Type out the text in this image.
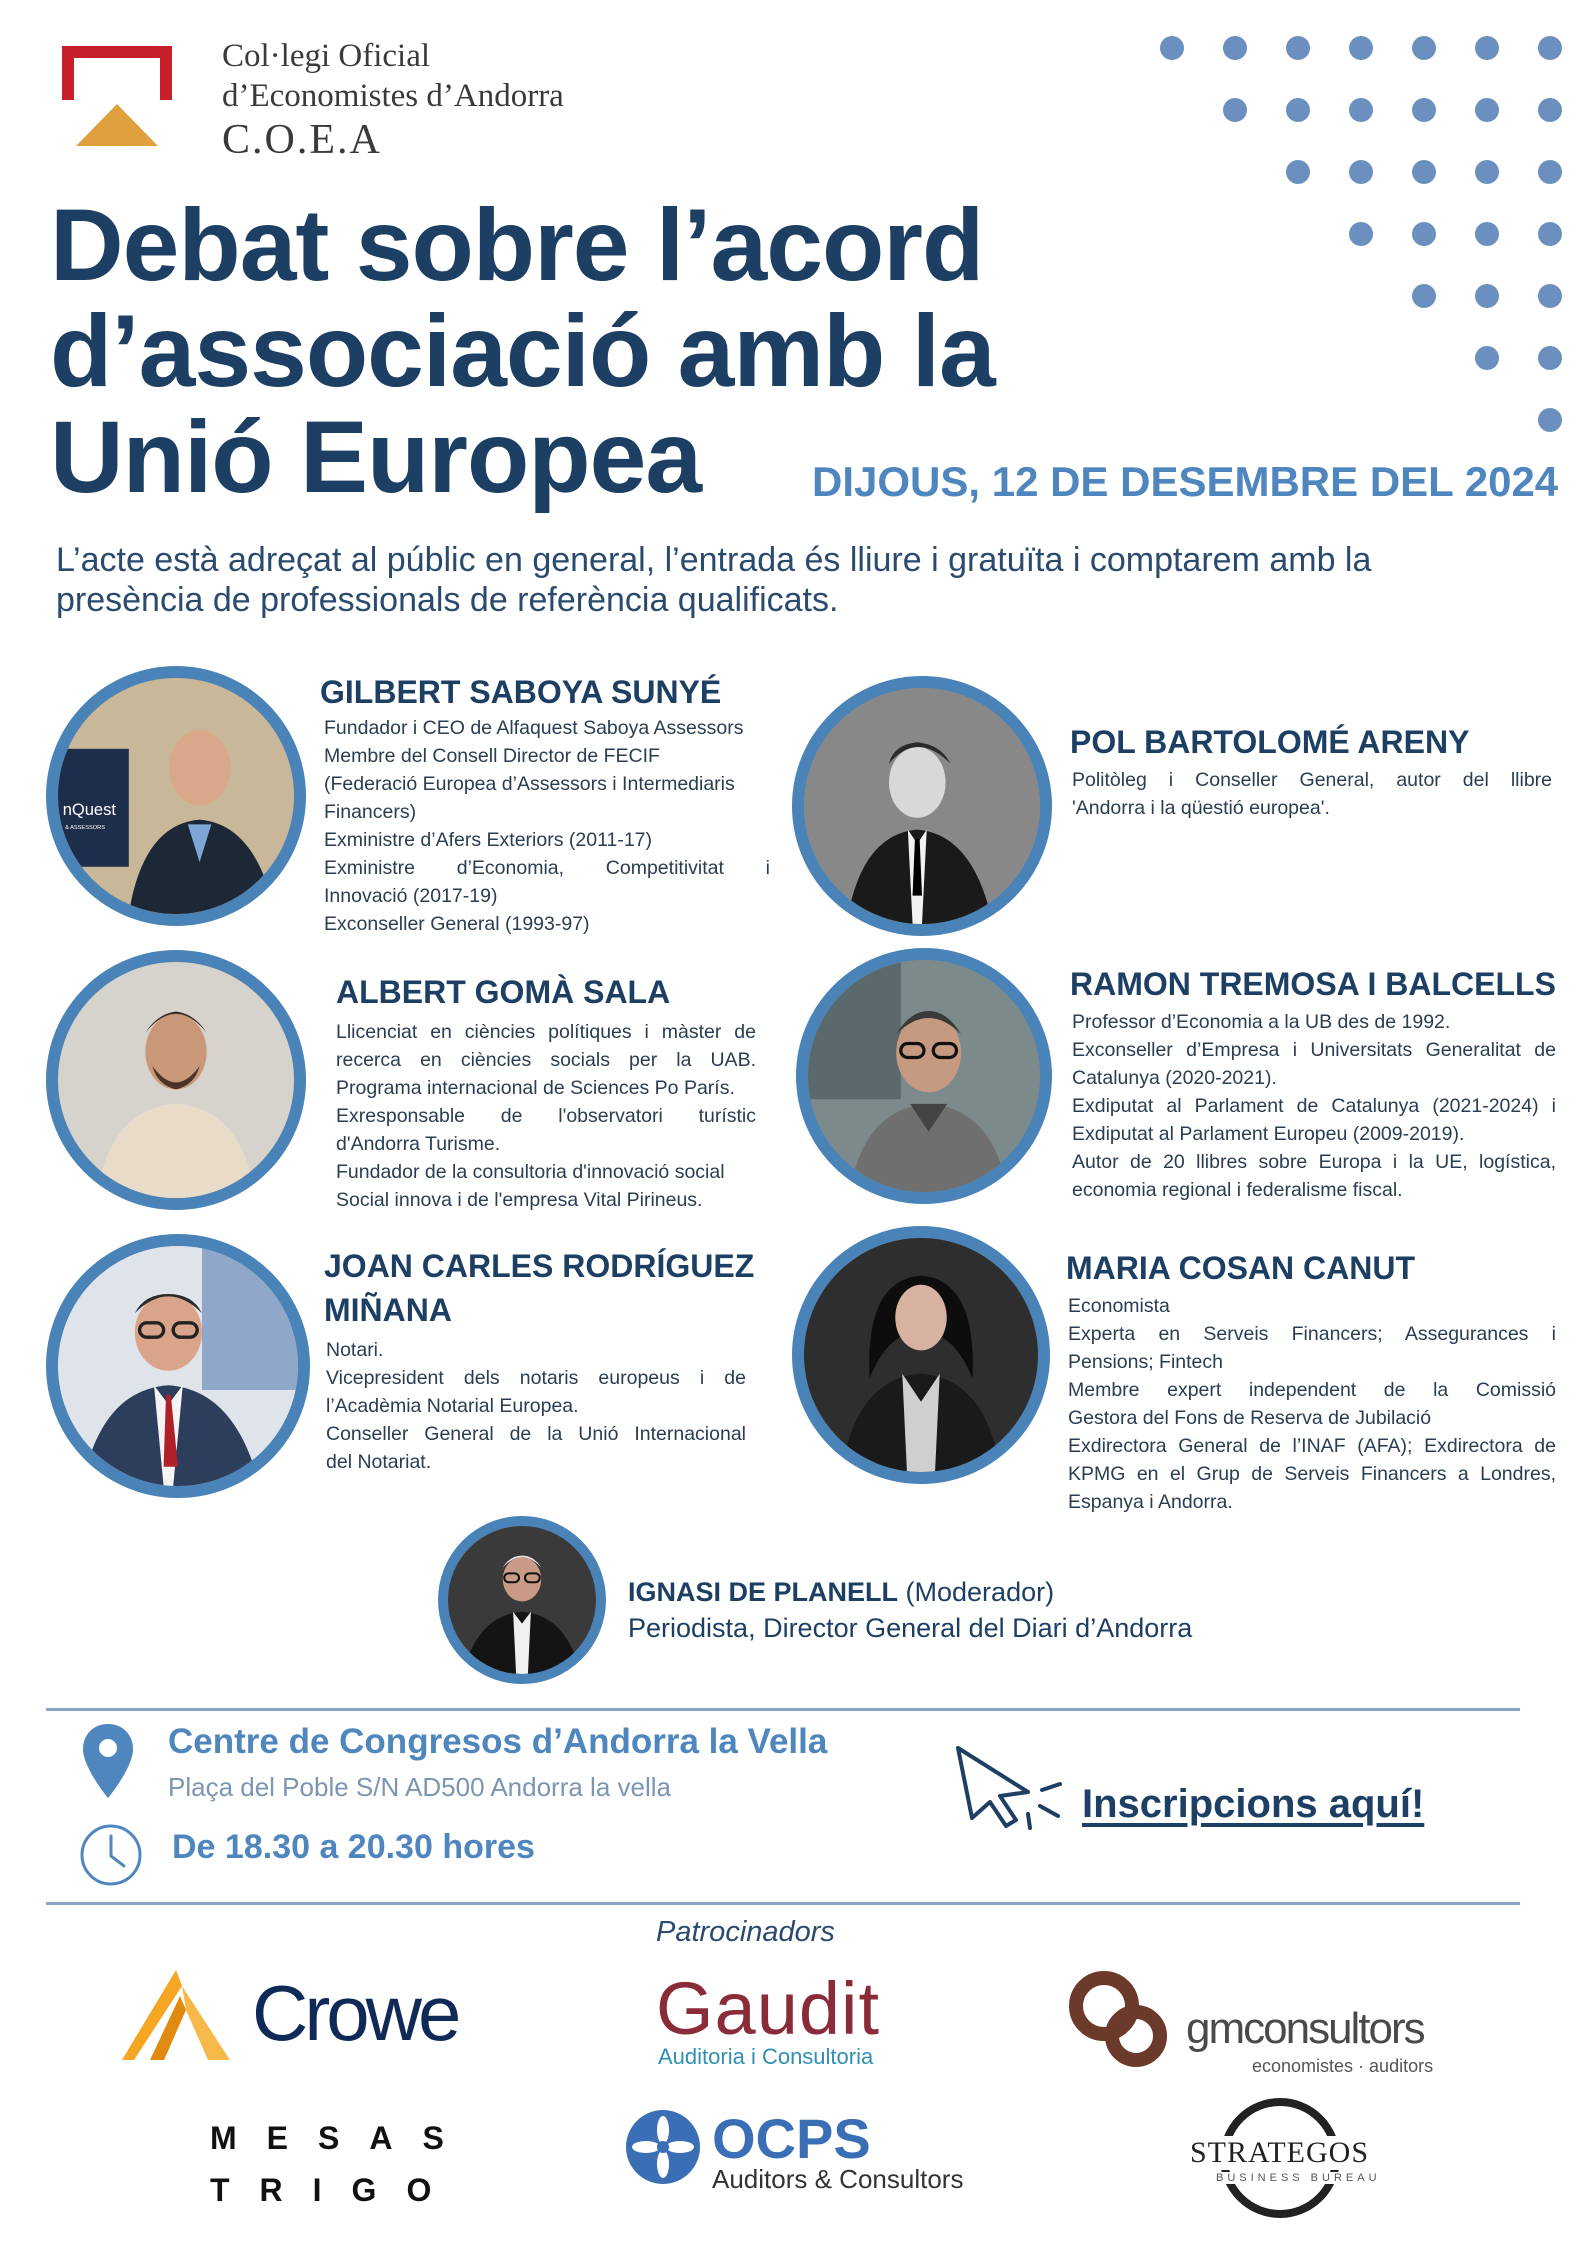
Col·legi Oficial
d’Economistes d’Andorra
C.O.E.A
Debat sobre l’acord
d’associació amb la
Unió Europea	DIJOUS, 12 DE DESEMBRE DEL 2024
L’acte està adreçat al públic en general, l’entrada és lliure i gratuïta i comptarem amb la
presència de professionals de referència qualificats.
nQuest
& ASSESSORS
GILBERT SABOYA SUNYÉ
Fundador i CEO de Alfaquest Saboya Assessors
Membre del Consell Director de FECIF
(Federació Europea d’Assessors i Intermediaris
Financers)
Exministre d’Afers Exteriors (2011-17)
Exministre d’Economia, Competitivitat i
Innovació (2017-19)
Exconseller General (1993-97)
POL BARTOLOMÉ ARENY
Politòleg i Conseller General, autor del llibre
'Andorra i la qüestió europea'.
ALBERT GOMÀ SALA
Llicenciat en ciències polítiques i màster de
recerca en ciències socials per la UAB.
Programa internacional de Sciences Po París.
Exresponsable de l'observatori turístic
d'Andorra Turisme.
Fundador de la consultoria d'innovació social
Social innova i de l'empresa Vital Pirineus.
RAMON TREMOSA I BALCELLS
Professor d’Economia a la UB des de 1992.
Exconseller d’Empresa i Universitats Generalitat de
Catalunya (2020-2021).
Exdiputat al Parlament de Catalunya (2021-2024) i
Exdiputat al Parlament Europeu (2009-2019).
Autor de 20 llibres sobre Europa i la UE, logística,
economia regional i federalisme fiscal.
JOAN CARLES RODRÍGUEZ
MIÑANA
Notari.
Vicepresident dels notaris europeus i de
l’Acadèmia Notarial Europea.
Conseller General de la Unió Internacional
del Notariat.
MARIA COSAN CANUT
Economista
Experta en Serveis Financers; Assegurances i
Pensions; Fintech
Membre expert independent de la Comissió
Gestora del Fons de Reserva de Jubilació
Exdirectora General de l’INAF (AFA); Exdirectora de
KPMG en el Grup de Serveis Financers a Londres,
Espanya i Andorra.
IGNASI DE PLANELL (Moderador)
Periodista, Director General del Diari d’Andorra
Centre de Congresos d’Andorra la Vella
Plaça del Poble S/N AD500 Andorra la vella
De 18.30 a 20.30 hores
Inscripcions aquí!
Patrocinadors
Crowe	Gaudit
Auditoria i Consultoria
gmconsultors
economistes · auditors
MESAS
TRIGO
OCPS
Auditors & Consultors
STRATEGOS
BUSINESS BUREAU
